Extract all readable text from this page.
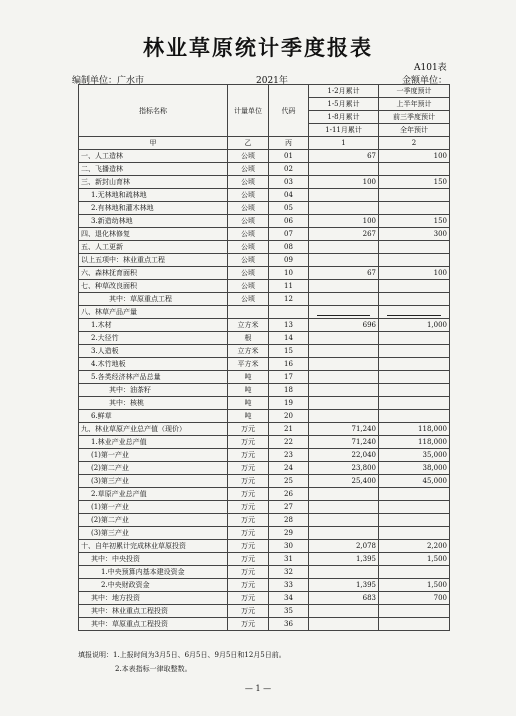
林业草原统计季度报表
A101表
编制单位：广水市	2021年	金额单位：
指标名称	计量单位	代码	1-2月累计	一季度预计
			1-5月累计	上半年预计
			1-8月累计	前三季度预计
			1-11月累计	全年预计
甲	乙	丙	1	2
一、人工造林	公顷	01	67	100
二、飞播造林	公顷	02		
三、新封山育林	公顷	03	100	150
1.无林地和疏林地	公顷	04		
2.有林地和灌木林地	公顷	05		
3.新造幼林地	公顷	06	100	150
四、退化林修复	公顷	07	267	300
五、人工更新	公顷	08		
以上五项中：林业重点工程	公顷	09		
六、森林抚育面积	公顷	10	67	100
七、种草改良面积	公顷	11		
其中：草原重点工程	公顷	12		
八、林草产品产量			

1.木材	立方米	13	696	1,000
2.大径竹	根	14		
3.人造板	立方米	15		
4.木竹地板	平方米	16		
5.各类经济林产品总量	吨	17		
其中：油茶籽	吨	18		
其中：核桃	吨	19		
6.鲜草	吨	20		
九、林业草原产业总产值（现价）	万元	21	71,240	118,000
1.林业产业总产值	万元	22	71,240	118,000
(1)第一产业	万元	23	22,040	35,000
(2)第二产业	万元	24	23,800	38,000
(3)第三产业	万元	25	25,400	45,000
2.草原产业总产值	万元	26		
(1)第一产业	万元	27		
(2)第二产业	万元	28		
(3)第三产业	万元	29		
十、自年初累计完成林业草原投资	万元	30	2,078	2,200
其中：中央投资	万元	31	1,395	1,500
1.中央预算内基本建设资金	万元	32		
2.中央财政资金	万元	33	1,395	1,500
其中：地方投资	万元	34	683	700
其中：林业重点工程投资	万元	35		
其中：草原重点工程投资	万元	36		
填报说明：1.上报时间为3月5日、6月5日、9月5日和12月5日前。
2.本表指标一律取整数。
— 1 —
